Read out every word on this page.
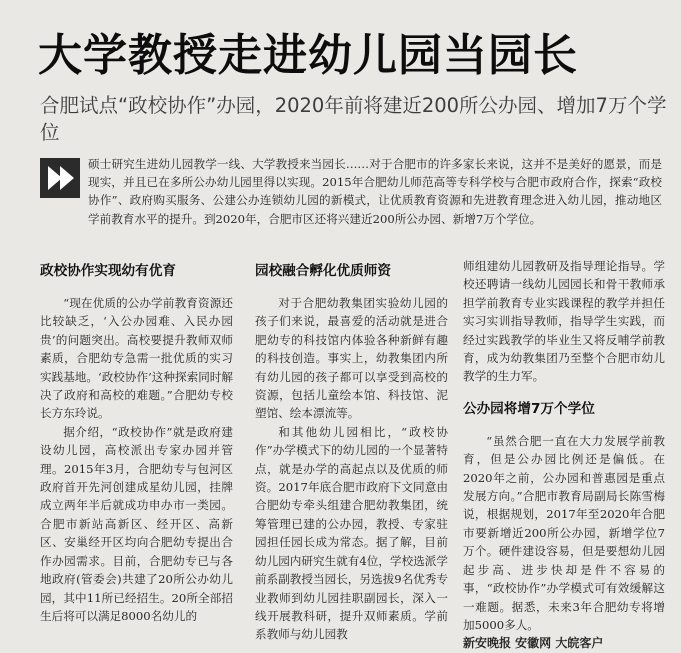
大学教授走进幼儿园当园长
合肥试点“政校协作”办园，2020年前将建近200所公办园、增加7万个学位
硕士研究生进幼儿园教学一线、大学教授来当园长……对于合肥市的许多家长来说，这并不是美好的愿景，而是现实，并且已在多所公办幼儿园里得以实现。2015年合肥幼儿师范高等专科学校与合肥市政府合作，探索“政校协作”、政府购买服务、公建公办连锁幼儿园的新模式，让优质教育资源和先进教育理念进入幼儿园，推动地区学前教育水平的提升。到2020年，合肥市区还将兴建近200所公办园、新增7万个学位。
政校协作实现幼有优育

“现在优质的公办学前教育资源还比较缺乏，‘入公办园难、入民办园贵’的问题突出。高校要提升教师双师素质，合肥幼专急需一批优质的实习实践基地。‘政校协作’这种探索同时解决了政府和高校的难题。”合肥幼专校长方东玲说。

据介绍，“政校协作”就是政府建设幼儿园，高校派出专家办园并管理。2015年3月，合肥幼专与包河区政府首开先河创建成星幼儿园，挂牌成立两年半后就成功申办市一类园。合肥市新站高新区、经开区、高新区、安巢经开区均向合肥幼专提出合作办园需求。目前，合肥幼专已与各地政府(管委会)共建了20所公办幼儿园，其中11所已经招生。20所全部招生后将可以满足8000名幼儿的

园校融合孵化优质师资

对于合肥幼教集团实验幼儿园的孩子们来说，最喜爱的活动就是进合肥幼专的科技馆内体验各种新鲜有趣的科技创造。事实上，幼教集团内所有幼儿园的孩子都可以享受到高校的资源，包括儿童绘本馆、科技馆、泥塑馆、绘本漂流等。

和其他幼儿园相比，“政校协作”办学模式下的幼儿园的一个显著特点，就是办学的高起点以及优质的师资。2017年底合肥市政府下文同意由合肥幼专牵头组建合肥幼教集团，统筹管理已建的公办园，教授、专家驻园担任园长成为常态。据了解，目前幼儿园内研究生就有4位，学校选派学前系副教授当园长，另选拔9名优秀专业教师到幼儿园挂职副园长，深入一线开展教科研，提升双师素质。学前系教师与幼儿园教

师组建幼儿园教研及指导理论指导。学校还聘请一线幼儿园园长和骨干教师承担学前教育专业实践课程的教学并担任实习实训指导教师，指导学生实践，而经过实践教学的毕业生又将反哺学前教育，成为幼教集团乃至整个合肥市幼儿教学的生力军。

公办园将增7万个学位

“虽然合肥一直在大力发展学前教育，但是公办园比例还是偏低。在2020年之前，公办园和普惠园是重点发展方向。”合肥市教育局副局长陈雪梅说，根据规划，2017年至2020年合肥市要新增近200所公办园，新增学位7万个。硬件建设容易，但是要想幼儿园起步高、进步快却是件不容易的事，“政校协作”办学模式可有效缓解这一难题。据悉，未来3年合肥幼专将增加5000多人。

新安晚报 安徽网 大皖客户
